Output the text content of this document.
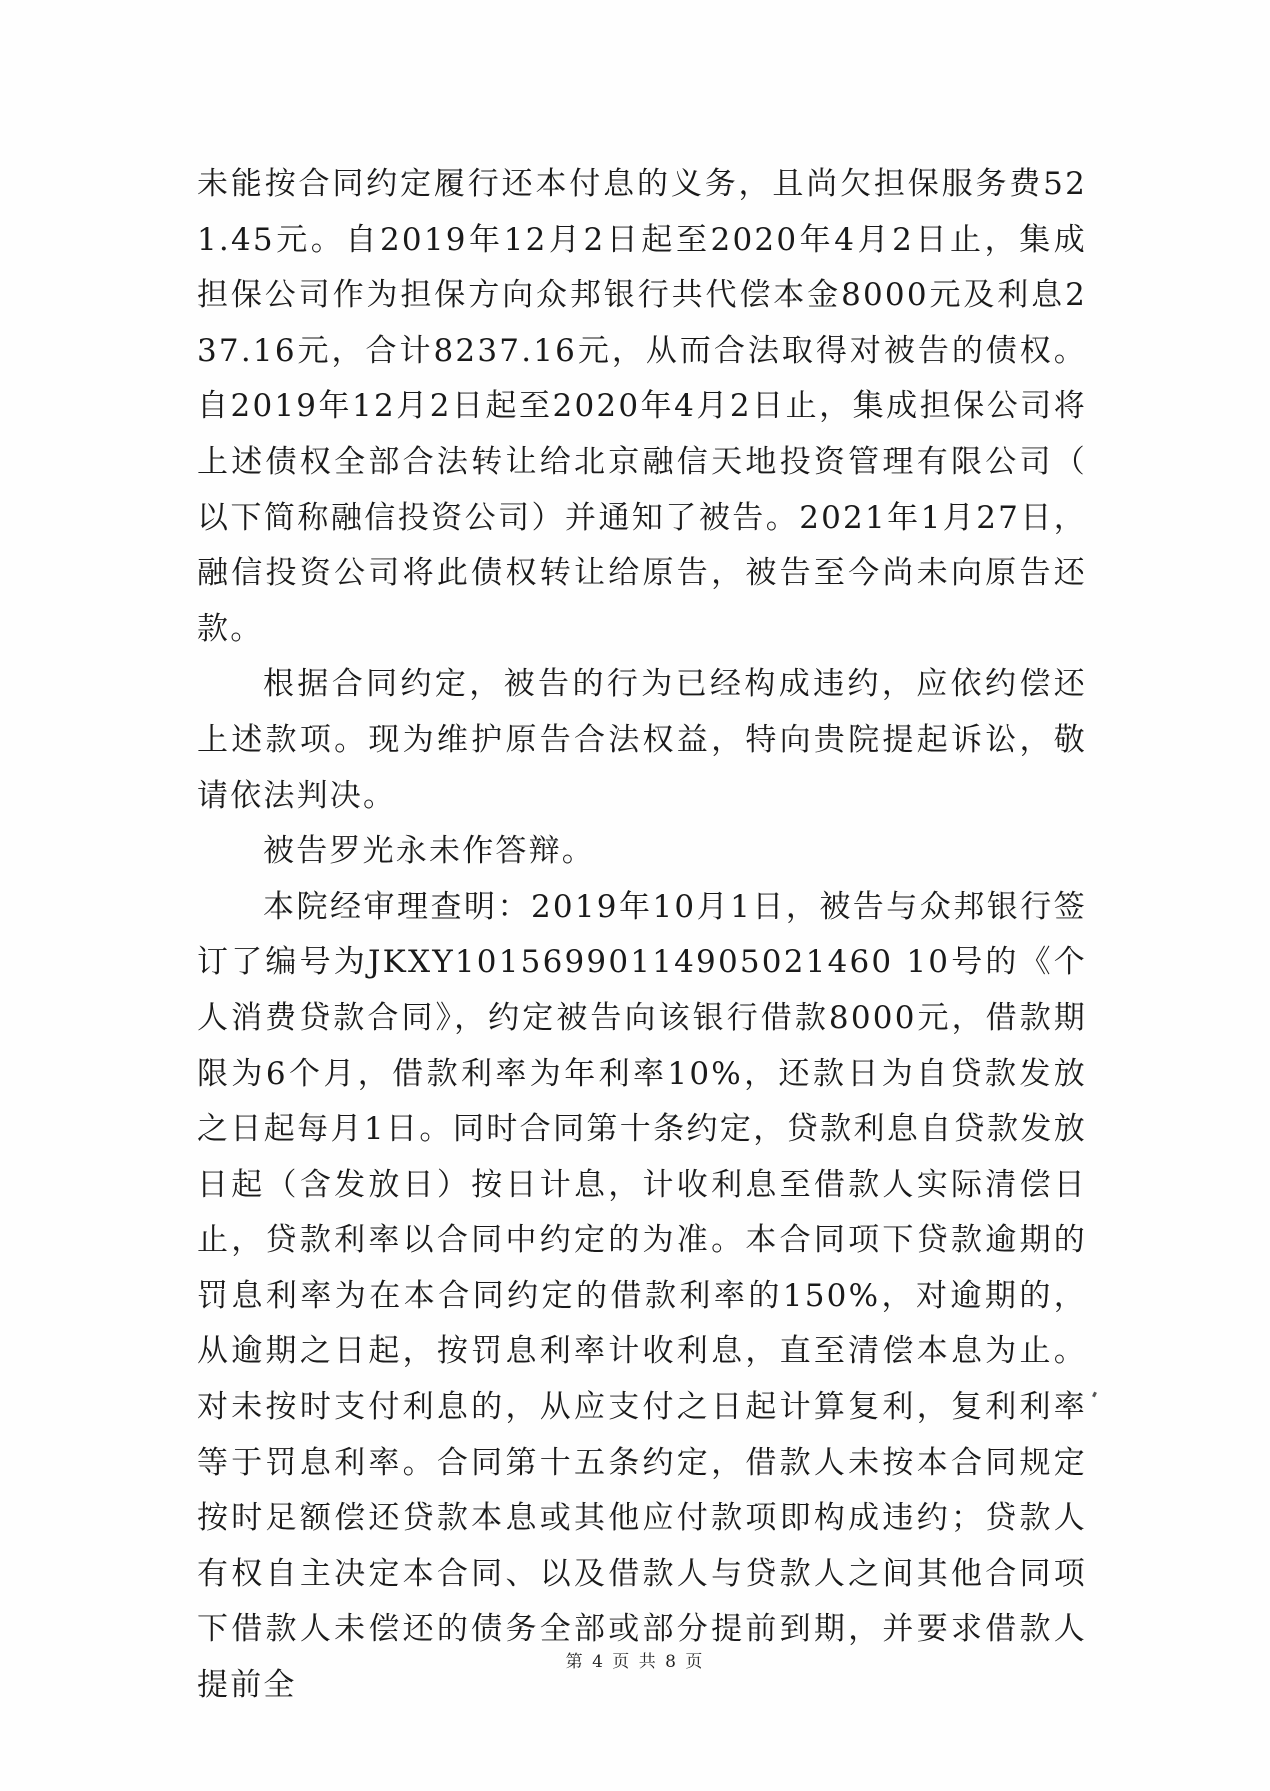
未能按合同约定履行还本付息的义务，且尚欠担保服务费521.45元。自2019年12月2日起至2020年4月2日止，集成担保公司作为担保方向众邦银行共代偿本金8000元及利息237.16元，合计8237.16元，从而合法取得对被告的债权。自2019年12月2日起至2020年4月2日止，集成担保公司将上述债权全部合法转让给北京融信天地投资管理有限公司（以下简称融信投资公司）并通知了被告。2021年1月27日，融信投资公司将此债权转让给原告，被告至今尚未向原告还款。

根据合同约定，被告的行为已经构成违约，应依约偿还上述款项。现为维护原告合法权益，特向贵院提起诉讼，敬请依法判决。

被告罗光永未作答辩。

本院经审理查明：2019年10月1日，被告与众邦银行签订了编号为JKXY10156990114905021460 10号的《个人消费贷款合同》，约定被告向该银行借款8000元，借款期限为6个月，借款利率为年利率10%，还款日为自贷款发放之日起每月1日。同时合同第十条约定，贷款利息自贷款发放日起（含发放日）按日计息，计收利息至借款人实际清偿日止，贷款利率以合同中约定的为准。本合同项下贷款逾期的罚息利率为在本合同约定的借款利率的150%，对逾期的，从逾期之日起，按罚息利率计收利息，直至清偿本息为止。对未按时支付利息的，从应支付之日起计算复利，复利利率等于罚息利率。合同第十五条约定，借款人未按本合同规定按时足额偿还贷款本息或其他应付款项即构成违约；贷款人有权自主决定本合同、以及借款人与贷款人之间其他合同项下借款人未偿还的债务全部或部分提前到期，并要求借款人提前全

第 4 页 共 8 页
